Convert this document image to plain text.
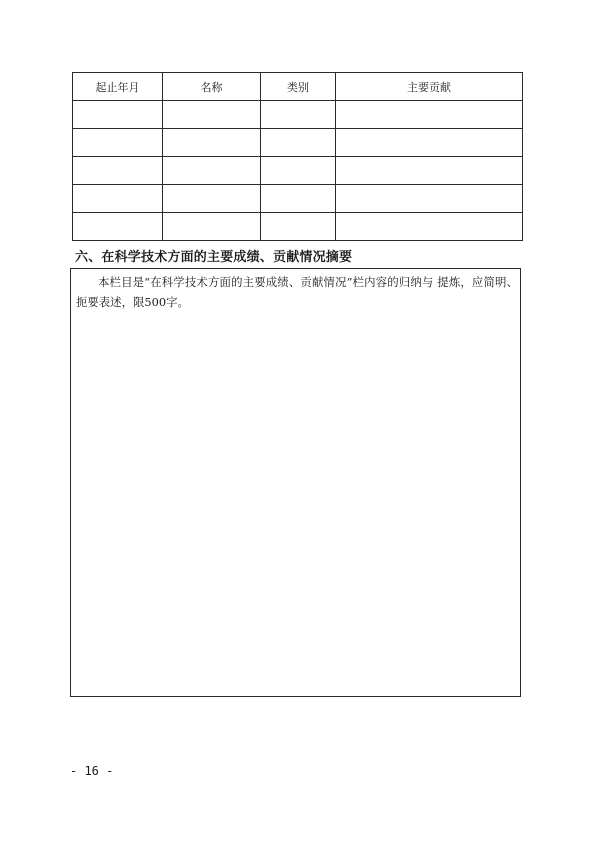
起止年月	名称	类别	主要贡献

六、在科学技术方面的主要成绩、贡献情况摘要

本栏目是“在科学技术方面的主要成绩、贡献情况”栏内容的归纳与 提炼，应简明、扼要表述，限500字。

- 16 -
